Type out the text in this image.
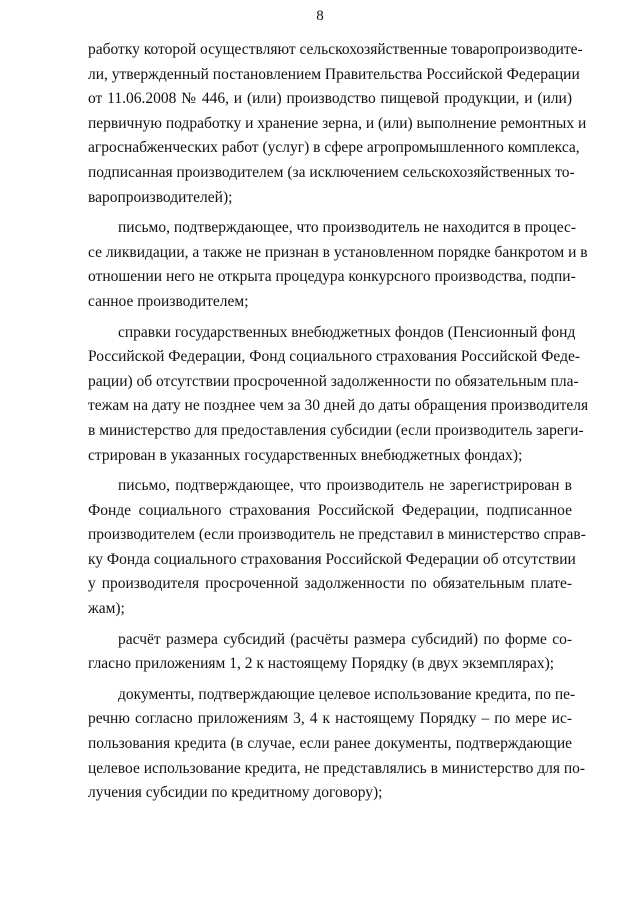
8
работку которой осуществляют сельскохозяйственные товаропроизводите-
ли, утвержденный постановлением Правительства Российской Федерации
от 11.06.2008 № 446, и (или) производство пищевой продукции, и (или)
первичную подработку и хранение зерна, и (или) выполнение ремонтных и
агроснабженческих работ (услуг) в сфере агропромышленного комплекса,
подписанная производителем (за исключением сельскохозяйственных то-
варопроизводителей);
письмо, подтверждающее, что производитель не находится в процес-
се ликвидации, а также не признан в установленном порядке банкротом и в
отношении него не открыта процедура конкурсного производства, подпи-
санное производителем;
справки государственных внебюджетных фондов (Пенсионный фонд
Российской Федерации, Фонд социального страхования Российской Феде-
рации) об отсутствии просроченной задолженности по обязательным пла-
тежам на дату не позднее чем за 30 дней до даты обращения производителя
в министерство для предоставления субсидии (если производитель зареги-
стрирован в указанных государственных внебюджетных фондах);
письмо, подтверждающее, что производитель не зарегистрирован в
Фонде социального страхования Российской Федерации, подписанное
производителем (если производитель не представил в министерство справ-
ку Фонда социального страхования Российской Федерации об отсутствии
у производителя просроченной задолженности по обязательным плате-
жам);
расчёт размера субсидий (расчёты размера субсидий) по форме со-
гласно приложениям 1, 2 к настоящему Порядку (в двух экземплярах);
документы, подтверждающие целевое использование кредита, по пе-
речню согласно приложениям 3, 4 к настоящему Порядку – по мере ис-
пользования кредита (в случае, если ранее документы, подтверждающие
целевое использование кредита, не представлялись в министерство для по-
лучения субсидии по кредитному договору);
